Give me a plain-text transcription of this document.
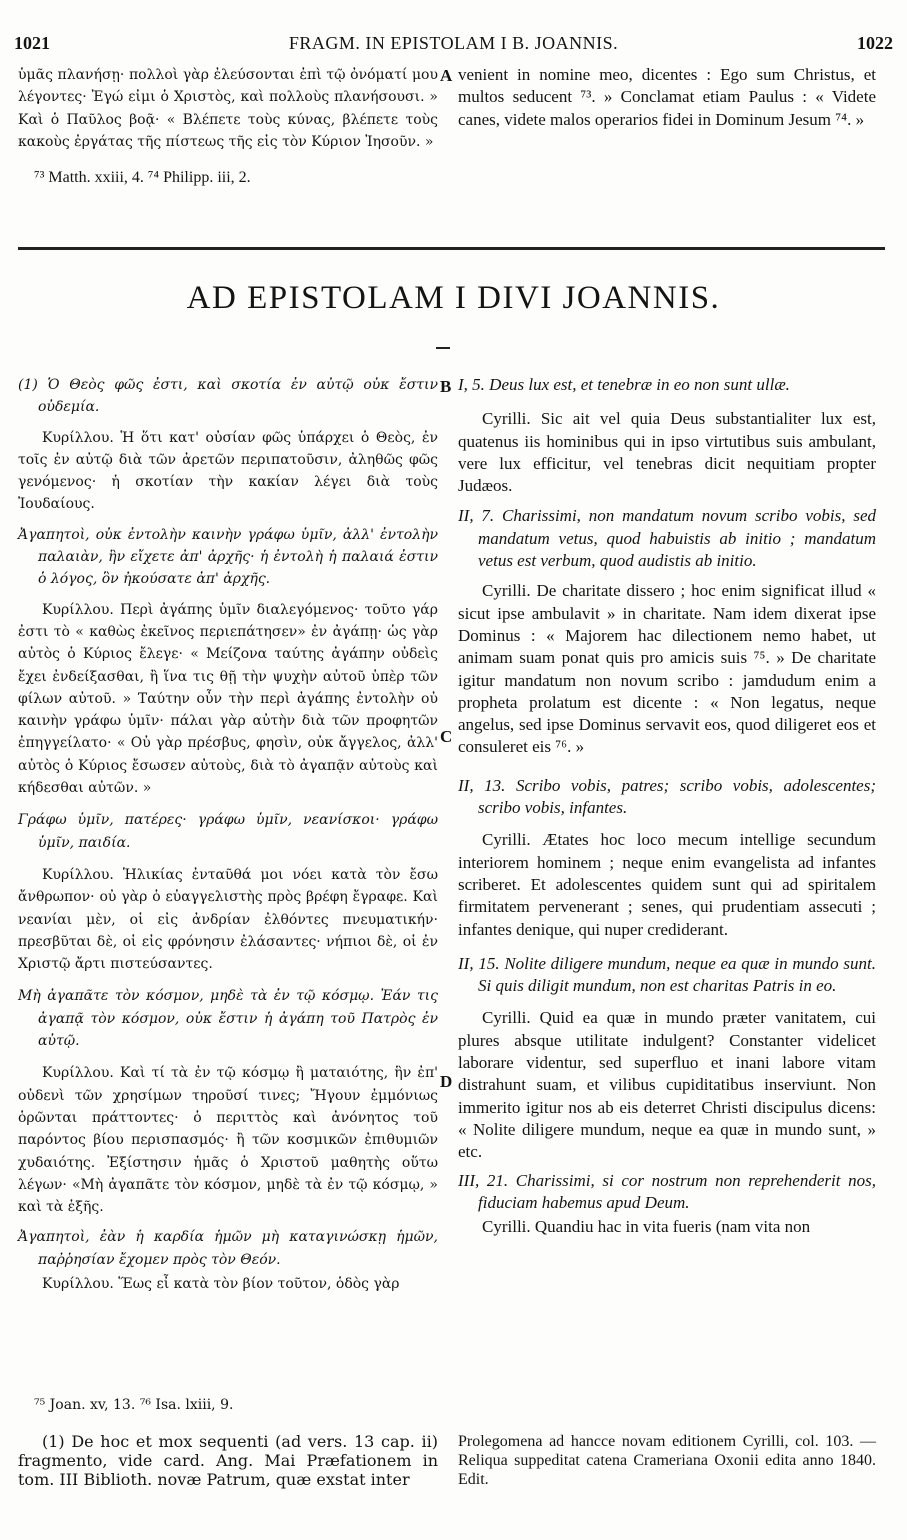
1021	FRAGM. IN EPISTOLAM I B. JOANNIS.	1022

ὑμᾶς πλανήσῃ· πολλοὶ γὰρ ἐλεύσονται ἐπὶ τῷ ὀνόματί μου λέγοντες· Ἐγώ εἰμι ὁ Χριστὸς, καὶ πολλοὺς πλανήσουσι. » Καὶ ὁ Παῦλος βοᾷ· « Βλέπετε τοὺς κύνας, βλέπετε τοὺς κακοὺς ἐργάτας τῆς πίστεως τῆς εἰς τὸν Κύριον Ἰησοῦν. »

⁷³ Matth. xxiii, 4. ⁷⁴ Philipp. iii, 2.

A venient in nomine meo, dicentes : Ego sum Christus, et multos seducent ⁷³. » Conclamat etiam Paulus : « Videte canes, videte malos operarios fidei in Dominum Jesum ⁷⁴. »

AD EPISTOLAM I DIVI JOANNIS.
B
C
D

(1) Ὁ Θεὸς φῶς ἐστι, καὶ σκοτία ἐν αὐτῷ οὐκ ἔστιν οὐδεμία.

Κυρίλλου. Ἡ ὅτι κατ' οὐσίαν φῶς ὑπάρχει ὁ Θεὸς, ἐν τοῖς ἐν αὐτῷ διὰ τῶν ἀρετῶν περιπατοῦσιν, ἀληθῶς φῶς γενόμενος· ἡ σκοτίαν τὴν κακίαν λέγει διὰ τοὺς Ἰουδαίους.

Ἀγαπητοὶ, οὐκ ἐντολὴν καινὴν γράφω ὑμῖν, ἀλλ' ἐντολὴν παλαιὰν, ἣν εἴχετε ἀπ' ἀρχῆς· ἡ ἐντολὴ ἡ παλαιά ἐστιν ὁ λόγος, ὃν ἠκούσατε ἀπ' ἀρχῆς.

Κυρίλλου. Περὶ ἀγάπης ὑμῖν διαλεγόμενος· τοῦτο γάρ ἐστι τὸ « καθὼς ἐκεῖνος περιεπάτησεν» ἐν ἀγάπῃ· ὡς γὰρ αὐτὸς ὁ Κύριος ἔλεγε· « Μείζονα ταύτης ἀγάπην οὐδεὶς ἔχει ἐνδείξασθαι, ἢ ἵνα τις θῇ τὴν ψυχὴν αὐτοῦ ὑπὲρ τῶν φίλων αὐτοῦ. » Ταύτην οὖν τὴν περὶ ἀγάπης ἐντολὴν οὐ καινὴν γράφω ὑμῖν· πάλαι γὰρ αὐτὴν διὰ τῶν προφητῶν ἐπηγγείλατο· « Οὐ γὰρ πρέσβυς, φησὶν, οὐκ ἄγγελος, ἀλλ' αὐτὸς ὁ Κύριος ἔσωσεν αὐτοὺς, διὰ τὸ ἀγαπᾷν αὐτοὺς καὶ κήδεσθαι αὐτῶν. »

Γράφω ὑμῖν, πατέρες· γράφω ὑμῖν, νεανίσκοι· γράφω ὑμῖν, παιδία.

Κυρίλλου. Ἡλικίας ἐνταῦθά μοι νόει κατὰ τὸν ἔσω ἄνθρωπον· οὐ γὰρ ὁ εὐαγγελιστὴς πρὸς βρέφη ἔγραφε. Καὶ νεανίαι μὲν, οἱ εἰς ἀνδρίαν ἐλθόντες πνευματικήν· πρεσβῦται δὲ, οἱ εἰς φρόνησιν ἐλάσαντες· νήπιοι δὲ, οἱ ἐν Χριστῷ ἄρτι πιστεύσαντες.

Μὴ ἀγαπᾶτε τὸν κόσμον, μηδὲ τὰ ἐν τῷ κόσμῳ. Ἐάν τις ἀγαπᾷ τὸν κόσμον, οὐκ ἔστιν ἡ ἀγάπη τοῦ Πατρὸς ἐν αὐτῷ.

Κυρίλλου. Καὶ τί τὰ ἐν τῷ κόσμῳ ἢ ματαιότης, ἣν ἐπ' οὐδενὶ τῶν χρησίμων τηροῦσί τινες; Ἤγουν ἐμμόνιως ὁρῶνται πράττοντες· ὁ περιττὸς καὶ ἀνόνητος τοῦ παρόντος βίου περισπασμός· ἢ τῶν κοσμικῶν ἐπιθυμιῶν χυδαιότης. Ἐξίστησιν ἡμᾶς ὁ Χριστοῦ μαθητὴς οὕτω λέγων· «Μὴ ἀγαπᾶτε τὸν κόσμον, μηδὲ τὰ ἐν τῷ κόσμῳ, » καὶ τὰ ἑξῆς.

Ἀγαπητοὶ, ἐὰν ἡ καρδία ἡμῶν μὴ καταγινώσκῃ ἡμῶν, παῤῥησίαν ἔχομεν πρὸς τὸν Θεόν.

Κυρίλλου. Ἕως εἶ κατὰ τὸν βίον τοῦτον, ὁδὸς γὰρ

I, 5. Deus lux est, et tenebræ in eo non sunt ullæ.

Cyrilli. Sic ait vel quia Deus substantialiter lux est, quatenus iis hominibus qui in ipso virtutibus suis ambulant, vere lux efficitur, vel tenebras dicit nequitiam propter Judæos.

II, 7. Charissimi, non mandatum novum scribo vobis, sed mandatum vetus, quod habuistis ab initio ; mandatum vetus est verbum, quod audistis ab initio.

Cyrilli. De charitate dissero ; hoc enim significat illud « sicut ipse ambulavit » in charitate. Nam idem dixerat ipse Dominus : « Majorem hac dilectionem nemo habet, ut animam suam ponat quis pro amicis suis ⁷⁵. » De charitate igitur mandatum non novum scribo : jamdudum enim a propheta prolatum est dicente : « Non legatus, neque angelus, sed ipse Dominus servavit eos, quod diligeret eos et consuleret eis ⁷⁶. »

II, 13. Scribo vobis, patres; scribo vobis, adolescentes; scribo vobis, infantes.

Cyrilli. Ætates hoc loco mecum intellige secundum interiorem hominem ; neque enim evangelista ad infantes scriberet. Et adolescentes quidem sunt qui ad spiritalem firmitatem pervenerant ; senes, qui prudentiam assecuti ; infantes denique, qui nuper crediderant.

II, 15. Nolite diligere mundum, neque ea quæ in mundo sunt. Si quis diligit mundum, non est charitas Patris in eo.

Cyrilli. Quid ea quæ in mundo præter vanitatem, cui plures absque utilitate indulgent? Constanter videlicet laborare videntur, sed superfluo et inani labore vitam distrahunt suam, et vilibus cupiditatibus inserviunt. Non immerito igitur nos ab eis deterret Christi discipulus dicens: « Nolite diligere mundum, neque ea quæ in mundo sunt, » etc.

III, 21. Charissimi, si cor nostrum non reprehenderit nos, fiduciam habemus apud Deum.

Cyrilli. Quandiu hac in vita fueris (nam vita non

⁷⁵ Joan. xv, 13. ⁷⁶ Isa. lxiii, 9.

(1) De hoc et mox sequenti (ad vers. 13 cap. ii) fragmento, vide card. Ang. Mai Præfationem in tom. III Biblioth. novæ Patrum, quæ exstat inter

Prolegomena ad hancce novam editionem Cyrilli, col. 103. — Reliqua suppeditat catena Crameriana Oxonii edita anno 1840. Edit.
